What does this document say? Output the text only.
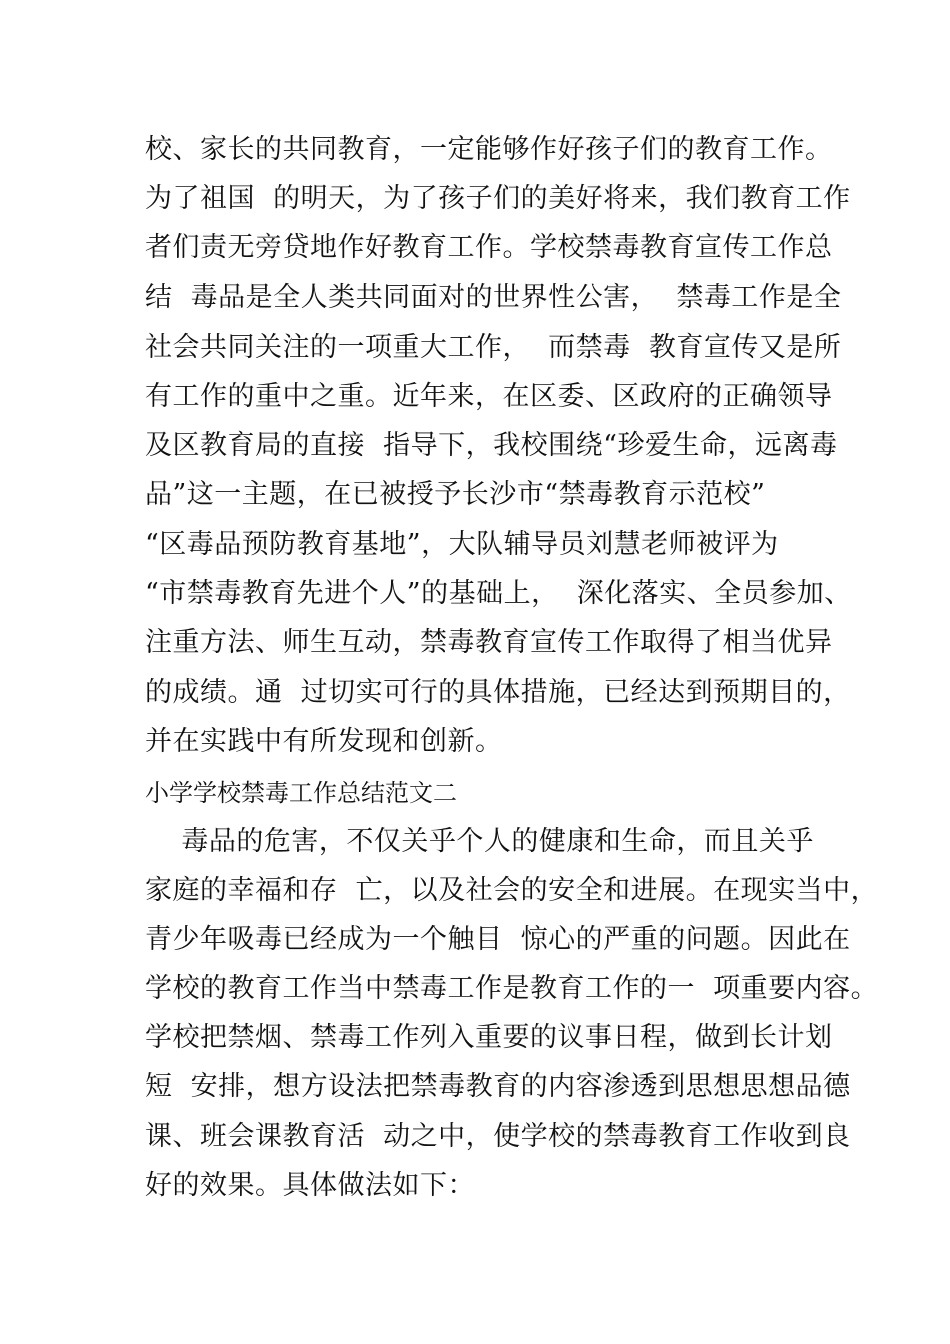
校、家长的共同教育，一定能够作好孩子们的教育工作。
为了祖国  的明天，为了孩子们的美好将来，我们教育工作
者们责无旁贷地作好教育工作。学校禁毒教育宣传工作总
结  毒品是全人类共同面对的世界性公害，  禁毒工作是全
社会共同关注的一项重大工作，  而禁毒  教育宣传又是所
有工作的重中之重。近年来，在区委、区政府的正确领导
及区教育局的直接  指导下，我校围绕“珍爱生命，远离毒
品”这一主题，在已被授予长沙市“禁毒教育示范校”
“区毒品预防教育基地”，大队辅导员刘慧老师被评为
“市禁毒教育先进个人”的基础上，  深化落实、全员参加、
注重方法、师生互动，禁毒教育宣传工作取得了相当优异
的成绩。通  过切实可行的具体措施，已经达到预期目的，
并在实践中有所发现和创新。
小学学校禁毒工作总结范文二
毒品的危害，不仅关乎个人的健康和生命，而且关乎
家庭的幸福和存  亡，以及社会的安全和进展。在现实当中，
青少年吸毒已经成为一个触目  惊心的严重的问题。因此在
学校的教育工作当中禁毒工作是教育工作的一  项重要内容。
学校把禁烟、禁毒工作列入重要的议事日程，做到长计划
短  安排，想方设法把禁毒教育的内容渗透到思想思想品德
课、班会课教育活  动之中，使学校的禁毒教育工作收到良
好的效果。具体做法如下：
